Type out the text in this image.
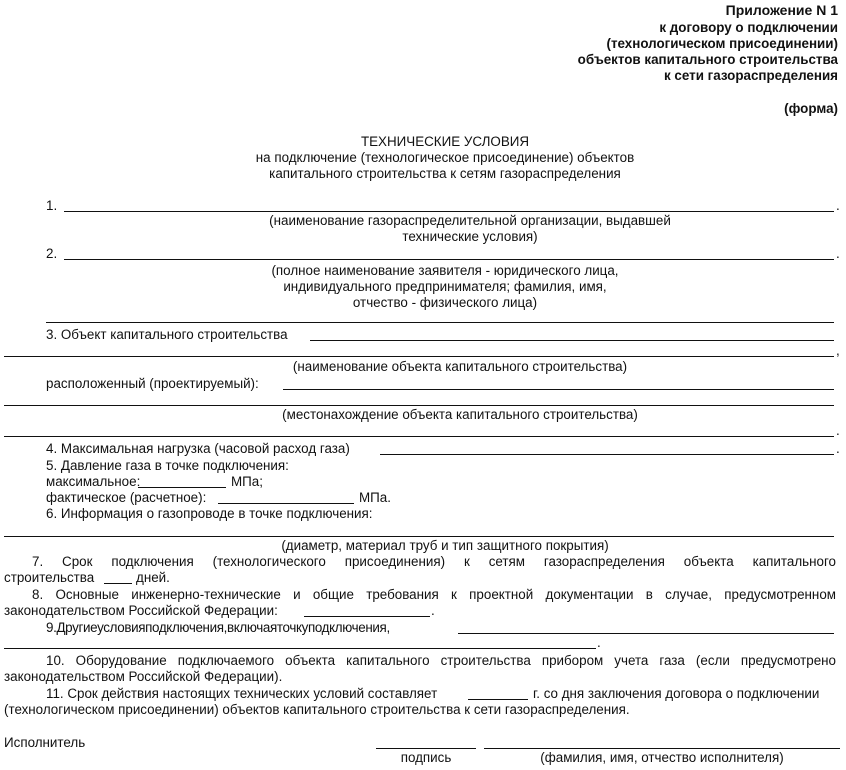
Приложение N 1
к договору о подключении
(технологическом присоединении)
объектов капитального строительства
к сети газораспределения
(форма)
ТЕХНИЧЕСКИЕ УСЛОВИЯ
на подключение (технологическое присоединение) объектов
капитального строительства к сетям газораспределения
1.	.
(наименование газораспределительной организации, выдавшей
технические условия)
2.	.
(полное наименование заявителя - юридического лица,
индивидуального предпринимателя; фамилия, имя,
отчество - физического лица)
3. Объект капитального строительства
,
(наименование объекта капитального строительства)
расположенный (проектируемый):
(местонахождение объекта капитального строительства)
.
4. Максимальная нагрузка (часовой расход газа)	.
5. Давление газа в точке подключения:
максимальное:	МПа;
фактическое (расчетное):	МПа.
6. Информация о газопроводе в точке подключения:
(диаметр, материал труб и тип защитного покрытия)
7. Срок подключения (технологического присоединения) к сетям газораспределения объекта капитального
строительства	дней.
8. Основные инженерно-технические и общие требования к проектной документации в случае, предусмотренном
законодательством Российской Федерации:	.
9.Другиеусловияподключения,включаяточкуподключения,
.
10. Оборудование подключаемого объекта капитального строительства прибором учета газа (если предусмотрено
законодательством Российской Федерации).
11. Срок действия настоящих технических условий составляет	г. со дня заключения договора о подключении
(технологическом присоединении) объектов капитального строительства к сети газораспределения.
Исполнитель
подпись	(фамилия, имя, отчество исполнителя)
